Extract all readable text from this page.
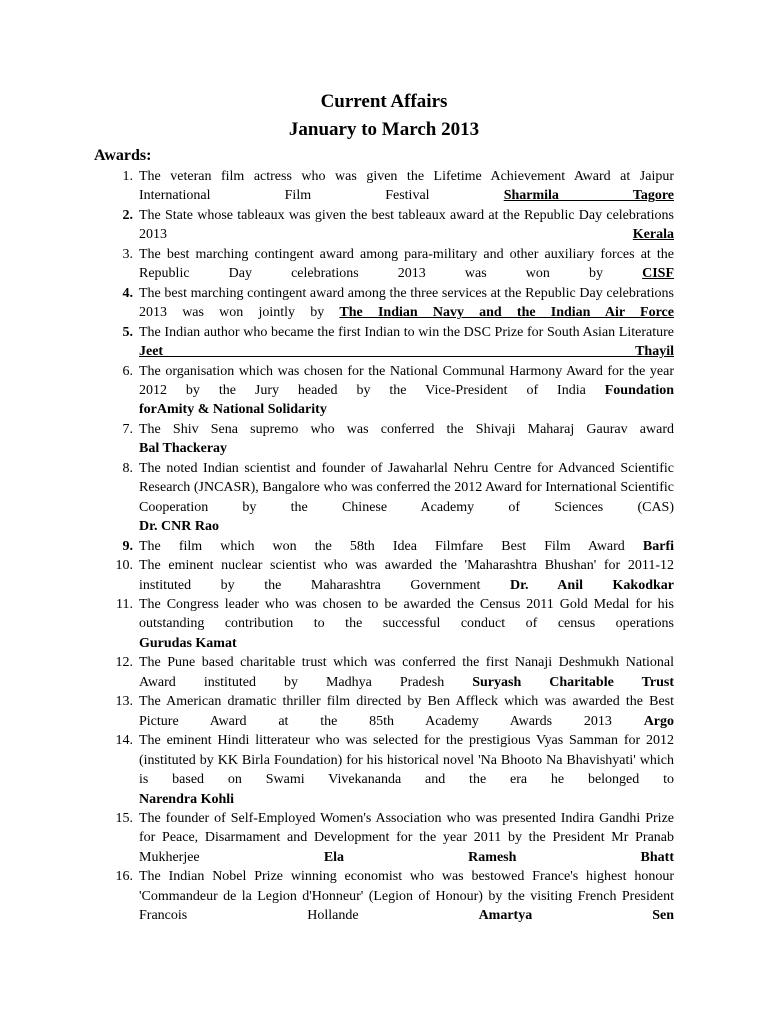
Current Affairs
January to March 2013
Awards:
1. The veteran film actress who was given the Lifetime Achievement Award at Jaipur International Film Festival	Sharmila Tagore
2. The State whose tableaux was given the best tableaux award at the Republic Day celebrations 2013	Kerala
3. The best marching contingent award among para-military and other auxiliary forces at the Republic Day celebrations 2013 was won by	CISF
4. The best marching contingent award among the three services at the Republic Day celebrations 2013 was won jointly by The Indian Navy and the Indian Air Force
5. The Indian author who became the first Indian to win the DSC Prize for South Asian Literature Jeet Thayil
6. The organisation which was chosen for the National Communal Harmony Award for the year 2012 by the Jury headed by the Vice-President of India Foundation
forAmity & National Solidarity
7. The Shiv Sena supremo who was conferred the Shivaji Maharaj Gaurav award
Bal Thackeray
8. The noted Indian scientist and founder of Jawaharlal Nehru Centre for Advanced Scientific Research (JNCASR), Bangalore who was conferred the 2012 Award for International Scientific Cooperation by the Chinese Academy of Sciences (CAS)
Dr. CNR Rao
9. The film which won the 58th Idea Filmfare Best Film Award Barfi
10. The eminent nuclear scientist who was awarded the 'Maharashtra Bhushan' for 2011-12 instituted by the Maharashtra Government Dr. Anil Kakodkar
11. The Congress leader who was chosen to be awarded the Census 2011 Gold Medal for his outstanding contribution to the successful conduct of census operations
Gurudas Kamat
12. The Pune based charitable trust which was conferred the first Nanaji Deshmukh National Award instituted by Madhya Pradesh Suryash Charitable Trust
13. The American dramatic thriller film directed by Ben Affleck which was awarded the Best Picture Award at the 85th Academy Awards 2013 Argo
14. The eminent Hindi litterateur who was selected for the prestigious Vyas Samman for 2012 (instituted by KK Birla Foundation) for his historical novel 'Na Bhooto Na Bhavishyati' which is based on Swami Vivekananda and the era he belonged to
Narendra Kohli
15. The founder of Self-Employed Women's Association who was presented Indira Gandhi Prize for Peace, Disarmament and Development for the year 2011 by the President Mr Pranab Mukherjee	Ela Ramesh Bhatt
16. The Indian Nobel Prize winning economist who was bestowed France's highest honour 'Commandeur de la Legion d'Honneur' (Legion of Honour) by the visiting French President Francois Hollande	Amartya Sen
